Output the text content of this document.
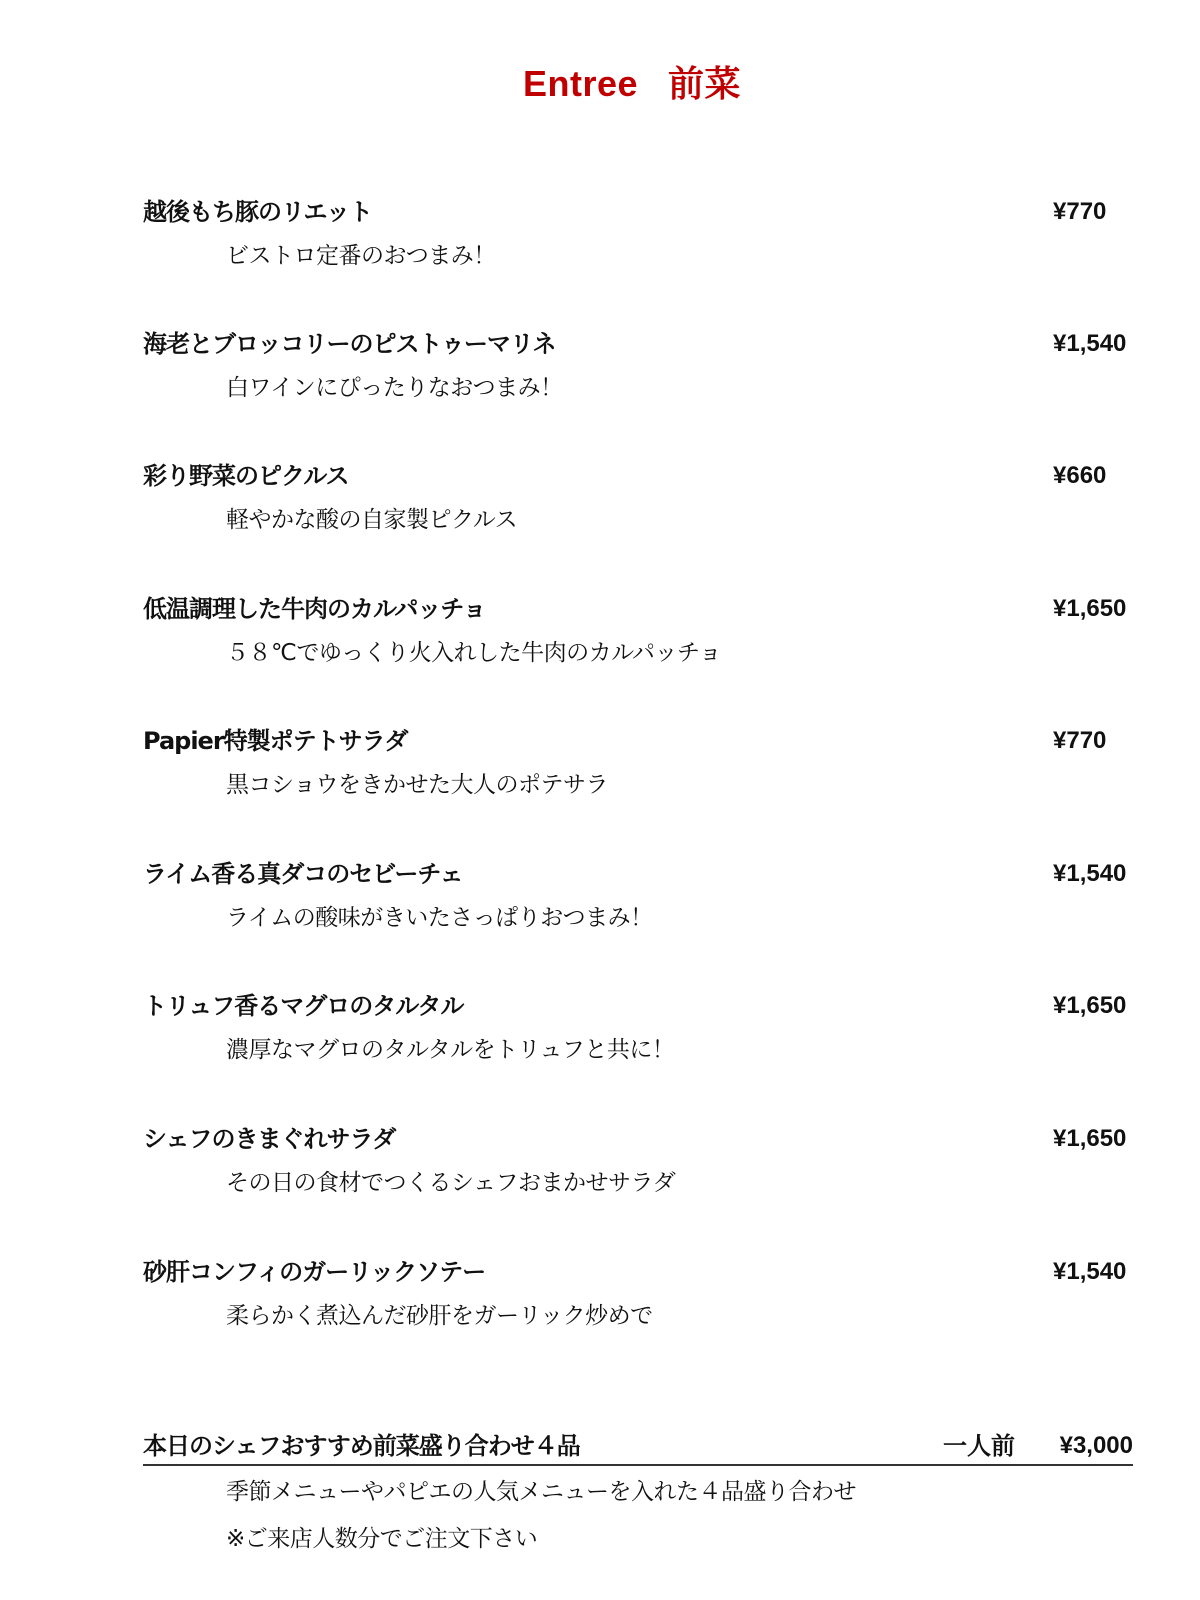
Entree 前菜
越後もち豚のリエット	¥770
ビストロ定番のおつまみ！
海老とブロッコリーのピストゥーマリネ	¥1,540
白ワインにぴったりなおつまみ！
彩り野菜のピクルス	¥660
軽やかな酸の自家製ピクルス
低温調理した牛肉のカルパッチョ	¥1,650
５８℃でゆっくり火入れした牛肉のカルパッチョ
Papier特製ポテトサラダ	¥770
黒コショウをきかせた大人のポテサラ
ライム香る真ダコのセビーチェ	¥1,540
ライムの酸味がきいたさっぱりおつまみ！
トリュフ香るマグロのタルタル	¥1,650
濃厚なマグロのタルタルをトリュフと共に！
シェフのきまぐれサラダ	¥1,650
その日の食材でつくるシェフおまかせサラダ
砂肝コンフィのガーリックソテー	¥1,540
柔らかく煮込んだ砂肝をガーリック炒めで
本日のシェフおすすめ前菜盛り合わせ４品	一人前 ¥3,000
季節メニューやパピエの人気メニューを入れた４品盛り合わせ
※ご来店人数分でご注文下さい
